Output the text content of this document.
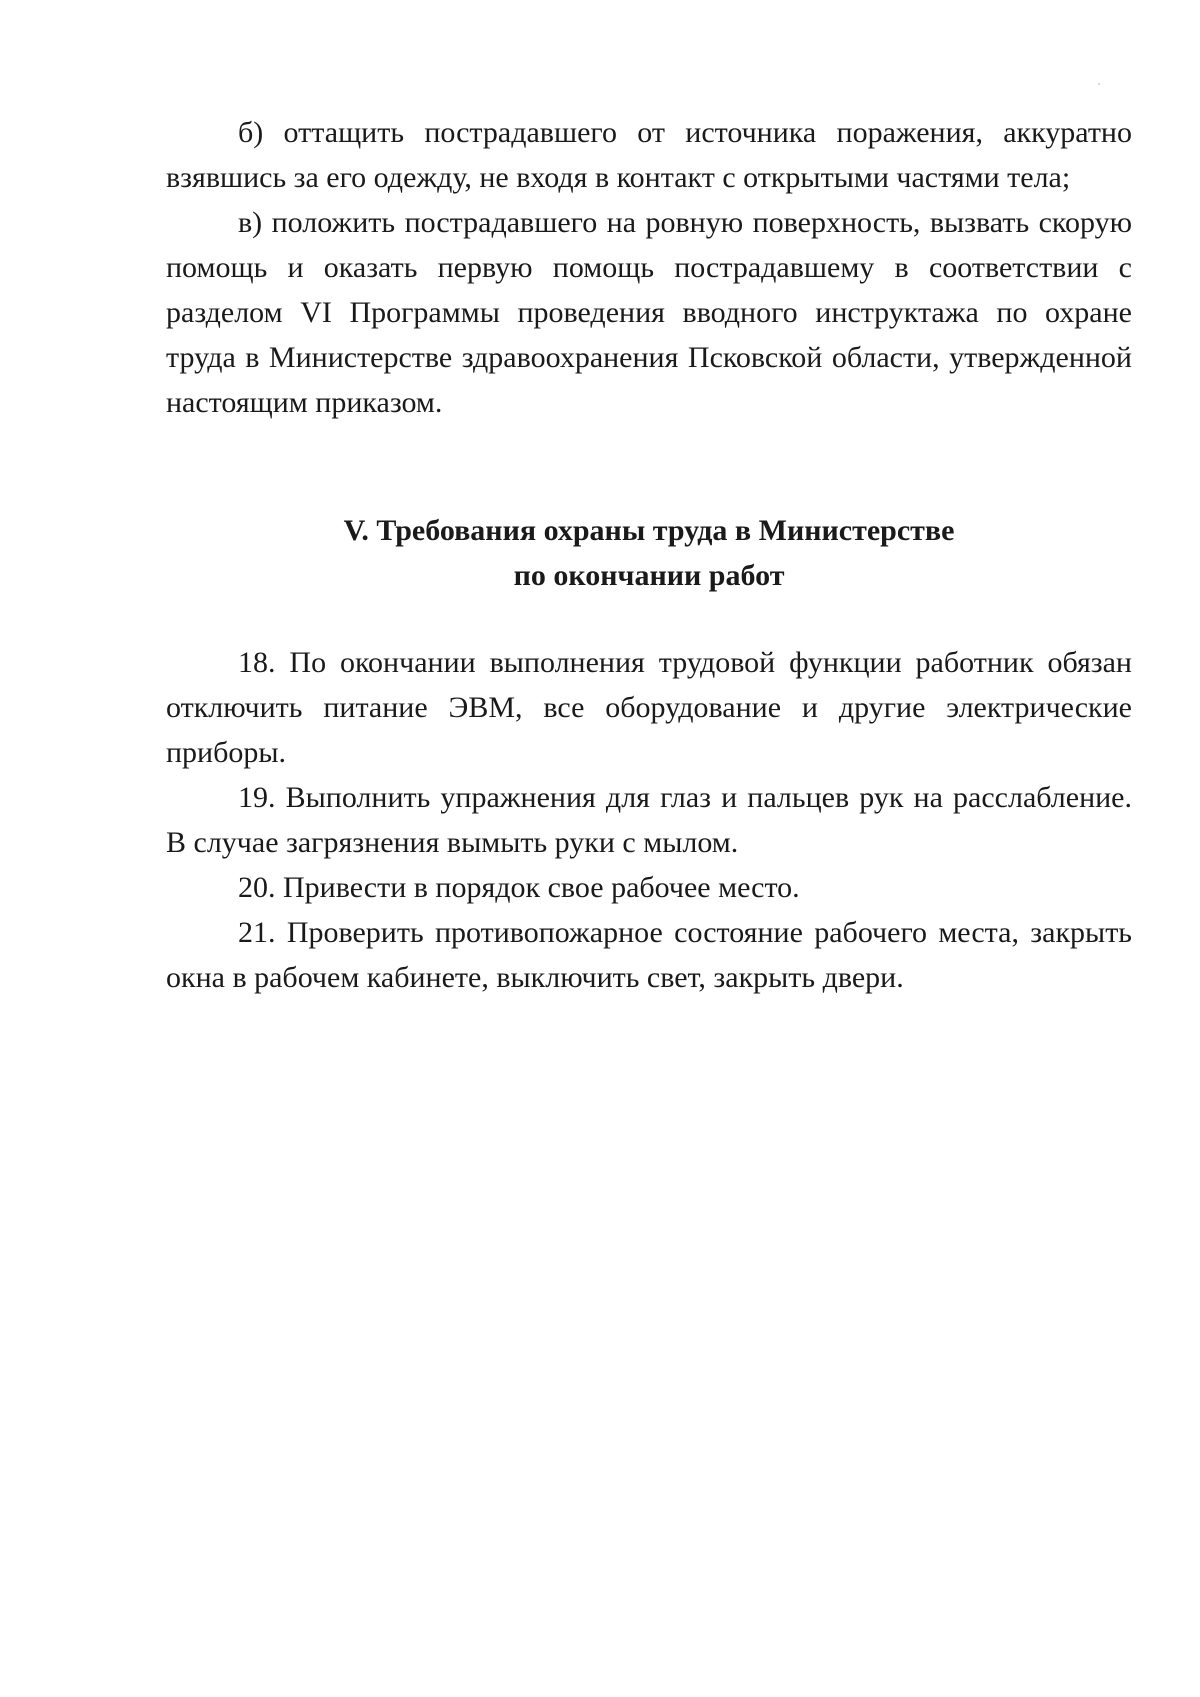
б) оттащить пострадавшего от источника поражения, аккуратно взявшись за его одежду, не входя в контакт с открытыми частями тела;

в) положить пострадавшего на ровную поверхность, вызвать скорую помощь и оказать первую помощь пострадавшему в соответствии с разделом VI Программы проведения вводного инструктажа по охране труда в Министерстве здравоохранения Псковской области, утвержденной настоящим приказом.

V. Требования охраны труда в Министерстве
по окончании работ

18. По окончании выполнения трудовой функции работник обязан отключить питание ЭВМ, все оборудование и другие электрические приборы.

19. Выполнить упражнения для глаз и пальцев рук на расслабление. В случае загрязнения вымыть руки с мылом.

20. Привести в порядок свое рабочее место.

21. Проверить противопожарное состояние рабочего места, закрыть окна в рабочем кабинете, выключить свет, закрыть двери.
